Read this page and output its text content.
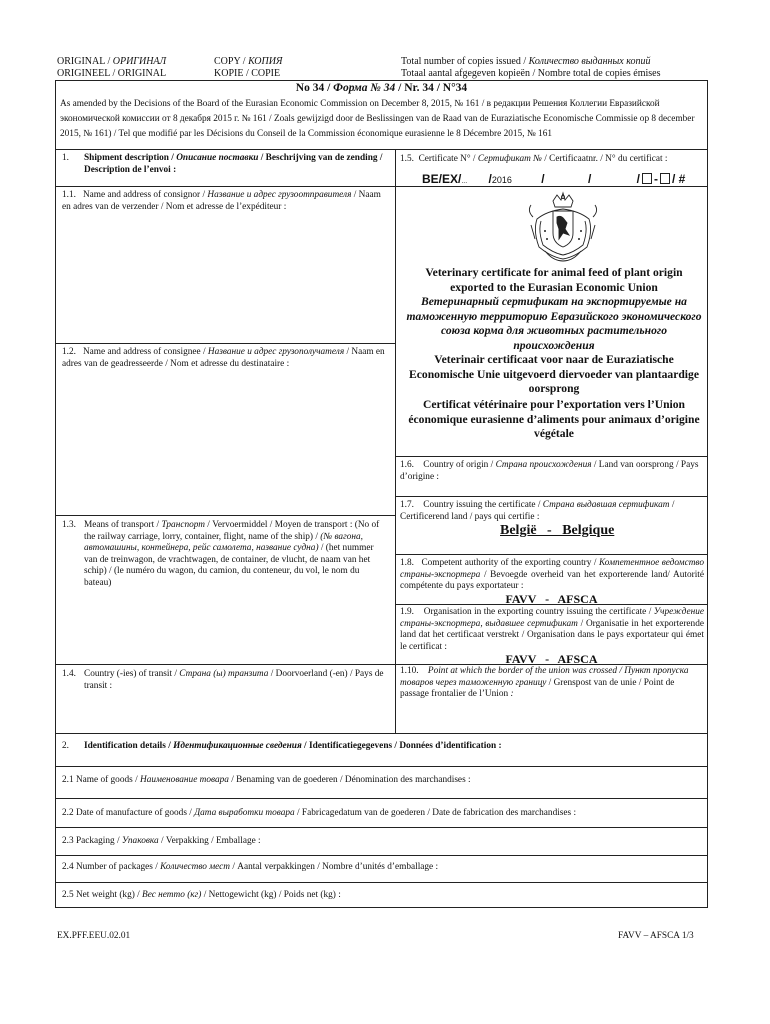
ORIGINAL / ОРИГИНАЛ
ORIGINEEL / ORIGINAL
COPY / КОПИЯ
KOPIE / COPIE
Total number of copies issued / Количество выданных копий
Totaal aantal afgegeven kopieën / Nombre total de copies émises
No 34 / Форма № 34 / Nr. 34 / N°34
As amended by the Decisions of the Board of the Eurasian Economic Commission on December 8, 2015, № 161 / в редакции Решения Коллегии Евразийской экономической комиссии от 8 декабря 2015 г. № 161 / Zoals gewijzigd door de Beslissingen van de Raad van de Euraziatische Economische Commissie op 8 december 2015, № 161) / Tel que modifié par les Décisions du Conseil de la Commission économique eurasienne le 8 Décembre 2015, № 161
1. Shipment description / Описание поставки / Beschrijving van de zending / Description de l’envoi :
1.5. Certificate N° / Сертификат № / Certificaatnr. / N° du certificat :
BE/EX/... /2016 /	/	/ - / #
1.1. Name and address of consignor / Название и адрес грузоотправителя / Naam en adres van de verzender / Nom et adresse de l’expéditeur :
Veterinary certificate for animal feed of plant origin exported to the Eurasian Economic Union
Ветеринарный сертификат на экспортируемые на таможенную территорию Евразийского экономического союза корма для животных растительного происхождения
Veterinair certificaat voor naar de Euraziatische Economische Unie uitgevoerd diervoeder van plantaardige oorsprong
Certificat vétérinaire pour l’exportation vers l’Union économique eurasienne d’aliments pour animaux d’origine végétale
1.2. Name and address of consignee / Название и адрес грузополучателя / Naam en adres van de geadresseerde / Nom et adresse du destinataire :
1.6. Country of origin / Страна происхождения / Land van oorsprong / Pays d’origine :
1.7. Country issuing the certificate / Страна выдавшая сертификат / Certificerend land / pays qui certifie :
België   -   Belgique
1.3. Means of transport / Транспорт / Vervoermiddel / Moyen de transport : (No of the railway carriage, lorry, container, flight, name of the ship) / (№ вагона, автомашины, контейнера, рейс самолета, название судна) / (het nummer van de treinwagon, de vrachtwagen, de container, de vlucht, de naam van het schip) / (le numéro du wagon, du camion, du conteneur, du vol, le nom du bateau)
1.8. Competent authority of the exporting country / Компетентное ведомство страны-экспортера / Bevoegde overheid van het exporterende land/ Autorité compétente du pays exportateur :
FAVV   -   AFSCA
1.9. Organisation in the exporting country issuing the certificate / Учреждение страны-экспортера, выдавшее сертификат / Organisatie in het exporterende land dat het certificaat verstrekt / Organisation dans le pays exportateur qui émet le certificat :
FAVV   -   AFSCA
1.4. Country (-ies) of transit / Страна (ы) транзита / Doorvoerland (-en) / Pays de transit :
1.10. Point at which the border of the union was crossed / Пункт пропуска товаров через таможенную границу / Grenspost van de unie / Point de passage frontalier de l’Union :
2. Identification details / Идентификационные сведения / Identificatiegegevens / Données d’identification :
2.1 Name of goods / Наименование товара / Benaming van de goederen / Dénomination des marchandises :
2.2 Date of manufacture of goods / Дата выработки товара / Fabricagedatum van de goederen / Date de fabrication des marchandises :
2.3 Packaging / Упаковка / Verpakking / Emballage :
2.4 Number of packages / Количество мест / Aantal verpakkingen / Nombre d’unités d’emballage :
2.5 Net weight (kg) / Вес нетто (кг) / Nettogewicht (kg) / Poids net (kg) :
EX.PFF.EEU.02.01	FAVV – AFSCA 1/3
